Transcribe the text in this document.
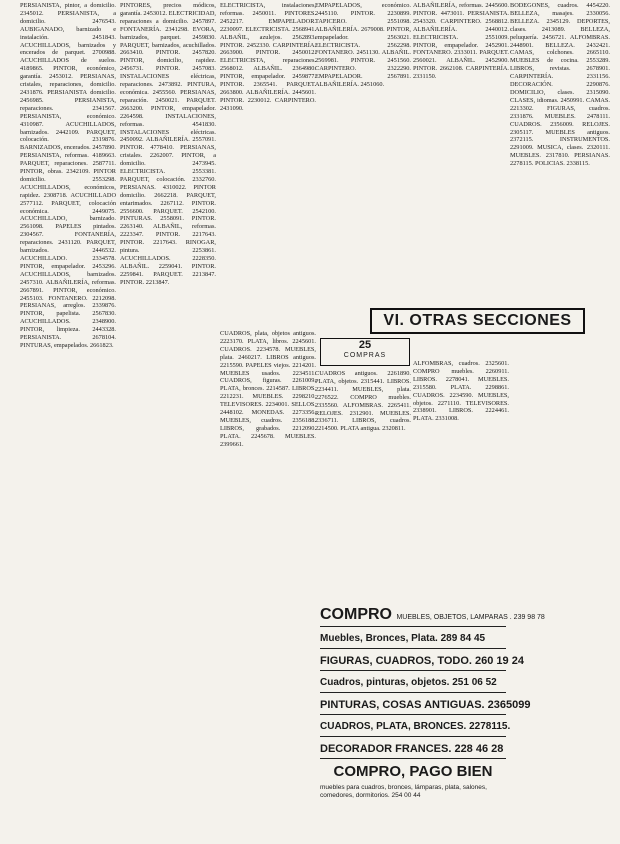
PERSIANISTA, pintor, a domicilio. 2345012. PERSIANISTA, a domicilio. 2476543. AUBIGANADO, barnizado e instalación. 2451843. ACUCHILLADOS, barnizados y encerados de parquet. 2700988. ACUCHILLADOS de suelos. 4189865. PINTOR, económico, garantía. 2453012. PERSIANAS, cristales, reparaciones, domicilio. 2431876. PERSIANISTA domicilio. 2456985. PERSIANISTA, reparaciones. 2341567. PERSIANISTA, económico. 4310987. ACUCHILLADOS, barnizados. 2442109. PARQUET, colocación. 2319876. BARNIZADOS, encerados. 2457890. PERSIANISTA, reformas. 4189663. PARQUET, reparaciones. 2587711. PINTOR, obras. 2342109. PINTOR domicilio. 2553298. ACUCHILLADOS, económicos, rapidez. 2308718. ACUCHILLADO 2577112. PARQUET, colocación económica. 2449075. ACUCHILLADO, barnizado. 2561098. PAPELES pintados. 2304567. FONTANERÍA, reparaciones. 2431120. PARQUET, barnizados. 2446532. ACUCHILLADO. 2334578. PINTOR, empapelador. 2453296. ACUCHILLADOS, barnizados. 2457310. ALBAÑILERÍA, reformas. 2667891. PINTOR, económico. 2455103. FONTANERO. 2212098. PERSIANAS, arreglos. 2339876. PINTOR, papelista. 2567830. ACUCHILLADOS. 2348900. PINTOR, limpieza. 2443328. PERSIANISTA. 2678104. PINTURAS, empapelados. 2661823.

PINTORES, precios módicos, garantía. 2453012. ELECTRICIDAD, reparaciones a domicilio. 2457897. FONTANERÍA. 2341298. EVORA, barnizados, parquet. 2459830. PARQUET, barnizados, acuchillados. 2663410. PINTOR. 2457820. PINTOR, domicilio, rapidez. 2456731. PINTOR. 2457083. INSTALACIONES eléctricas, reparaciones. 2473892. PINTURA, económica. 2455560. PERSIANAS, reparación. 2450021. PARQUET. 2663200. PINTOR, empapelador. 2264598. INSTALACIONES, reformas. 4541830. INSTALACIONES eléctricas. 2450092. ALBAÑILERÍA. 2557091. PINTOR. 4778410. PERSIANAS, cristales. 2262007. PINTOR, a domicilio. 2473945. ELECTRICISTA. 2553381. PARQUET, colocación. 2332760. PERSIANAS. 4310022. PINTOR domicilio. 2662218. PARQUET, entarimados. 2267112. PINTOR. 2556600. PARQUET. 2542100. PINTURAS. 2558091. PINTOR. 2263140. ALBAÑIL, reformas. 2223347. PINTOR. 2217643. PINTOR. 2217643. RINOGAR, pintura. 2253861. ACUCHILLADOS. 2228350. ALBAÑIL. 2259041. PINTOR. 2259841. PARQUET. 2213847. PINTOR. 2213847.

ELECTRICISTA, instalaciones, reformas. 2450011. PINTORES. 2452217. EMPAPELADOR. 2230097. ELECTRICISTA. 2568941. ALBAÑIL, azulejos. 2562893. PINTOR. 2452330. CARPINTERÍA. 2663900. PINTOR. 2450012. ELECTRICISTA, reparaciones. 2568012. ALBAÑIL. 2364980. PINTOR, empapelador. 2459877. PINTOR. 2365541. PARQUET. 2663800. ALBAÑILERÍA. 2445601. PINTOR. 2230012. CARPINTERO. 2431090.

EMPAPELADOS, económico. 2445110. PINTOR. 2230899. TAPICERO. 2551098. ALBAÑILERÍA. 2679008. PINTOR, empapelador. 2563021. ELECTRICISTA. 2562298. FONTANERO. 2451130. ALBAÑIL. 2569981. PINTOR. 2451560. CARPINTERO. 2322290. EMPAPELADOR. 2567891. ALBAÑILERÍA. 2451060.

ALBAÑILERÍA, reformas. 2445600. PINTOR. 4473011. PERSIANISTA. 2543320. CARPINTERO. 2568812. ALBAÑILERÍA. 2440012. ELECTRICISTA. 2551009. PINTOR, empapelador. 2452901. FONTANERO. 2333011. PARQUET. 2560021. ALBAÑIL. 2452900. PINTOR. 2662108. CARPINTERÍA. 2331150.

BODEGONES, cuadros. 4454220. BELLEZA, masajes. 2330056. BELLEZA. 2345129. DEPORTES, clases. 2413089. BELLEZA, peluquería. 2456721. ALFOMBRAS. 2448901. BELLEZA. 2432421. CAMAS, colchones. 2665110. MUEBLES de cocina. 2553289. LIBROS, revistas. 2678901. CARPINTERÍA. 2331156. DECORACIÓN. 2290876. DOMICILIO, clases. 2315090. CLASES, idiomas. 2450991. CAMAS. 2213302. FIGURAS, cuadros. 2331876. MUEBLES. 2478111. CUADROS. 2356009. RELOJES. 2305117. MUEBLES antiguos. 2372115. INSTRUMENTOS. 2291009. MUSICA, clases. 2320111. MUEBLES. 2317810. PERSIANAS. 2278115. POLICIAS. 2338115.

VI. OTRAS SECCIONES
25
COMPRAS

CUADROS, plata, objetos antiguos. 2223170. PLATA, libros. 2245601. CUADROS. 2234578. MUEBLES, plata. 2460217. LIBROS antiguos. 2215590. PAPELES viejos. 2214201. MUEBLES usados. 2234511. CUADROS, figuras. 2261009. PLATA, bronces. 2214587. LIBROS. 2212231. MUEBLES. 2298210. TELEVISORES. 2234001. SELLOS. 2448102. MONEDAS. 2273356. MUEBLES, cuadros. 2356188. LIBROS, grabados. 2212090. PLATA. 2245678. MUEBLES. 2399661.

CUADROS antiguos. 2261890. PLATA, objetos. 2315441. LIBROS. 2234411. MUEBLES, plata. 2276522. COMPRO muebles. 2335560. ALFOMBRAS. 2265411. RELOJES. 2312901. MUEBLES. 2336711. LIBROS, cuadros. 2214500. PLATA antigua. 2320811.

ALFOMBRAS, cuadros. 2325601. COMPRO muebles. 2260911. LIBROS. 2278041. MUEBLES. 2315580. PLATA. 2298861. CUADROS. 2234590. MUEBLES, objetos. 2271110. TELEVISORES. 2338901. LIBROS. 2224461. PLATA. 2331008.

COMPRO MUEBLES, OBJETOS, LAMPARAS . 239 98 78
Muebles, Bronces, Plata. 289 84 45
FIGURAS, CUADROS, TODO. 260 19 24
Cuadros, pinturas, objetos. 251 06 52
PINTURAS, COSAS ANTIGUAS. 2365099
CUADROS, PLATA, BRONCES. 2278115.
DECORADOR FRANCES. 228 46 28
COMPRO, PAGO BIEN
muebles para cuadros, bronces, lámparas, plata, salones, comedores, dormitorios. 254 00 44
